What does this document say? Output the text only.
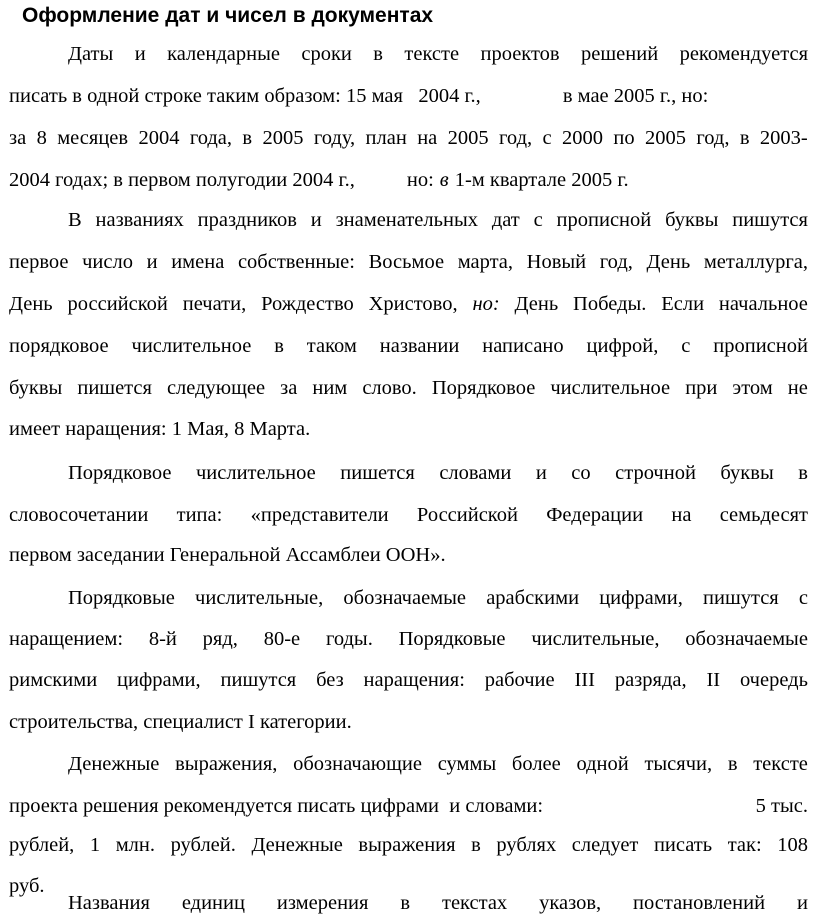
Оформление дат и чисел в документах
Даты и календарные сроки в тексте проектов решений рекомендуется
писать в одной строке таким образом: 15 мая   2004 г.,	в мае 2005 г., но:
за 8 месяцев 2004 года, в 2005 году, план на 2005 год, с 2000 по 2005 год, в 2003-
2004 годах; в первом полугодии 2004 г.,	но: в 1-м квартале 2005 г.
В названиях праздников и знаменательных дат с прописной буквы пишутся
первое число и имена собственные: Восьмое марта, Новый год, День металлурга,
День российской печати, Рождество Христово, но: День Победы. Если начальное
порядковое числительное в таком названии написано цифрой, с прописной
буквы пишется следующее за ним слово. Порядковое числительное при этом не
имеет наращения: 1 Мая, 8 Марта.
Порядковое числительное пишется словами и со строчной буквы в
словосочетании типа: «представители Российской Федерации на семьдесят
первом заседании Генеральной Ассамблеи ООН».
Порядковые числительные, обозначаемые арабскими цифрами, пишутся с
наращением: 8-й ряд, 80-е годы. Порядковые числительные, обозначаемые
римскими цифрами, пишутся без наращения: рабочие III разряда, II очередь
строительства, специалист I категории.
Денежные выражения, обозначающие суммы более одной тысячи, в тексте
проекта решения рекомендуется писать цифрами  и словами:	5 тыс.
рублей, 1 млн. рублей. Денежные выражения в рублях следует писать так: 108
руб.
Названия единиц измерения в текстах указов, постановлений и
